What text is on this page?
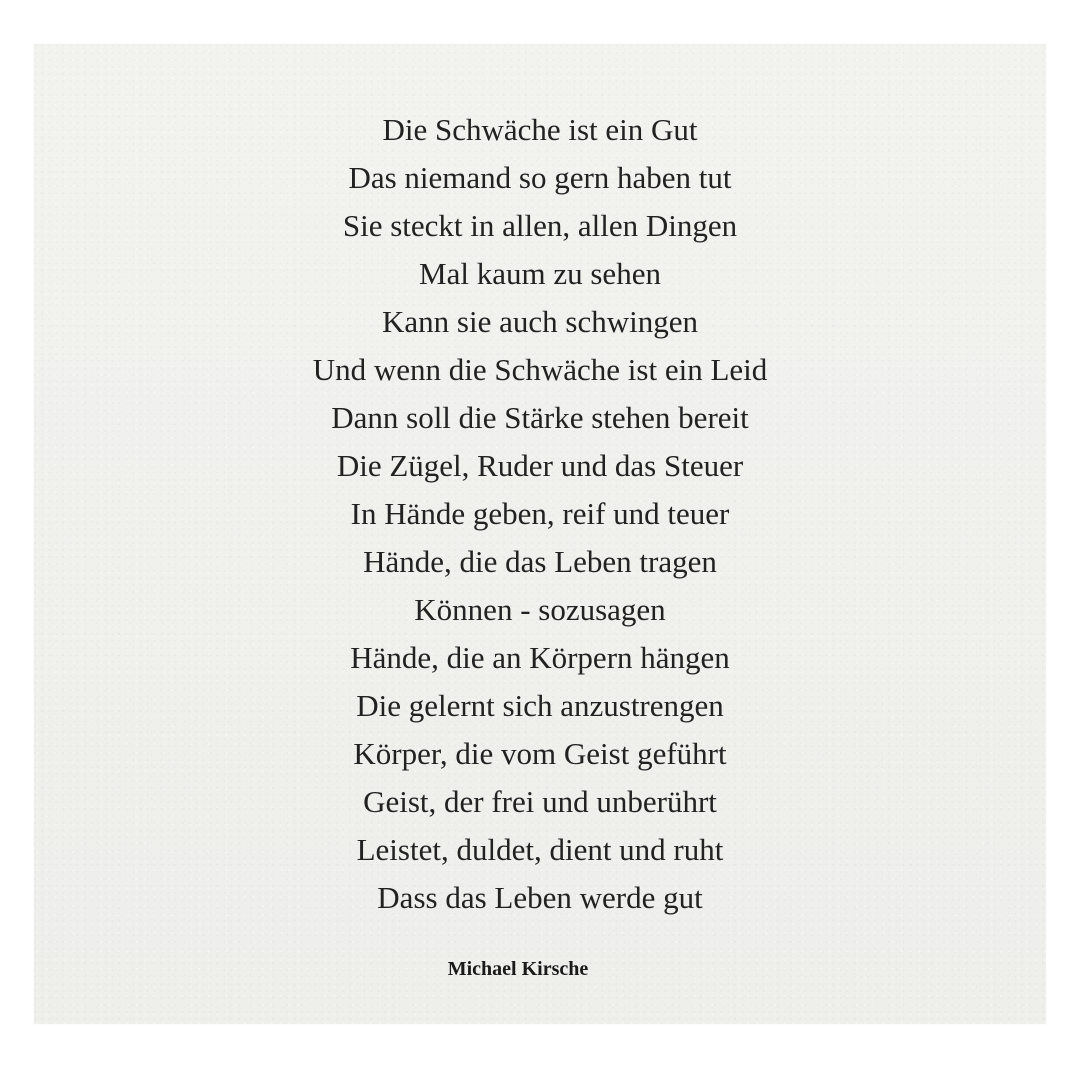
Die Schwäche ist ein Gut
Das niemand so gern haben tut
Sie steckt in allen, allen Dingen
Mal kaum zu sehen
Kann sie auch schwingen
Und wenn die Schwäche ist ein Leid
Dann soll die Stärke stehen bereit
Die Zügel, Ruder und das Steuer
In Hände geben, reif und teuer
Hände, die das Leben tragen
Können - sozusagen
Hände, die an Körpern hängen
Die gelernt sich anzustrengen
Körper, die vom Geist geführt
Geist, der frei und unberührt
Leistet, duldet, dient und ruht
Dass das Leben werde gut
Michael Kirsche
